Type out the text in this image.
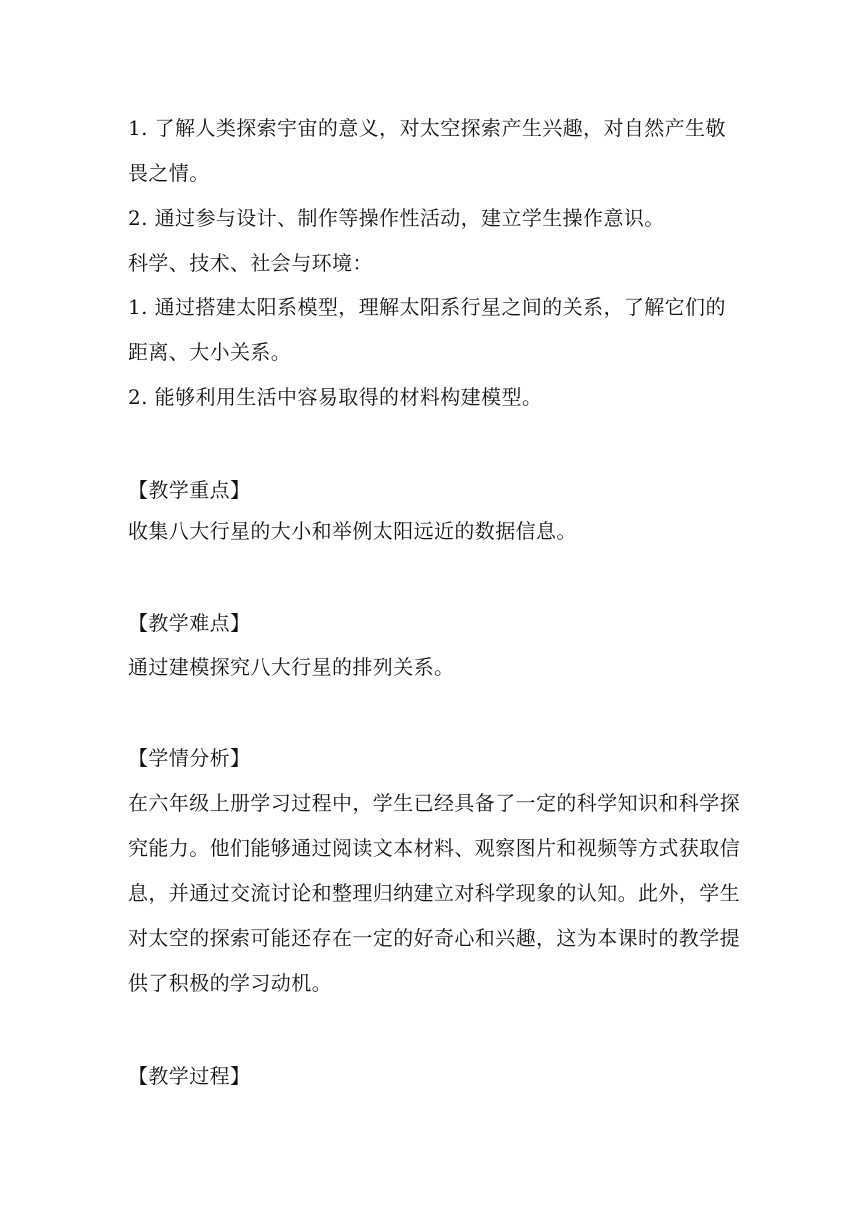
1. 了解人类探索宇宙的意义，对太空探索产生兴趣，对自然产生敬
畏之情。
2. 通过参与设计、制作等操作性活动，建立学生操作意识。
科学、技术、社会与环境：
1. 通过搭建太阳系模型，理解太阳系行星之间的关系，了解它们的
距离、大小关系。
2. 能够利用生活中容易取得的材料构建模型。
【教学重点】
收集八大行星的大小和举例太阳远近的数据信息。
【教学难点】
通过建模探究八大行星的排列关系。
【学情分析】
在六年级上册学习过程中，学生已经具备了一定的科学知识和科学探
究能力。他们能够通过阅读文本材料、观察图片和视频等方式获取信
息，并通过交流讨论和整理归纳建立对科学现象的认知。此外，学生
对太空的探索可能还存在一定的好奇心和兴趣，这为本课时的教学提
供了积极的学习动机。
【教学过程】
